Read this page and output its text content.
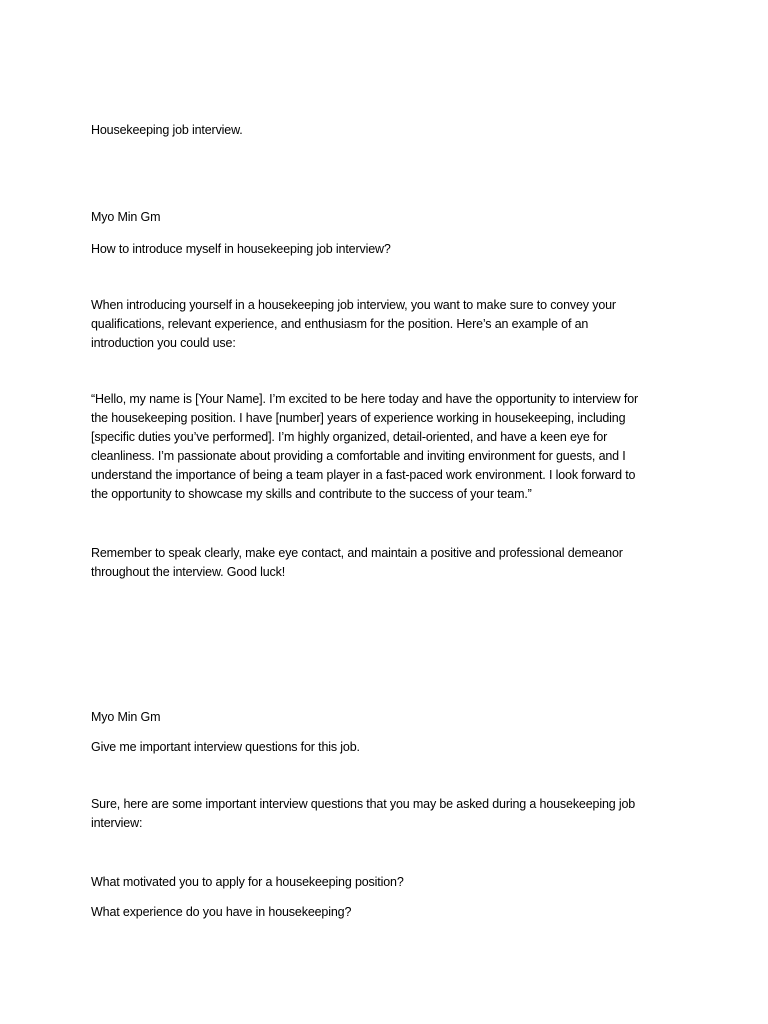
Housekeeping job interview.

Myo Min Gm

How to introduce myself in housekeeping job interview?

When introducing yourself in a housekeeping job interview, you want to make sure to convey your
qualifications, relevant experience, and enthusiasm for the position. Here’s an example of an
introduction you could use:
“Hello, my name is [Your Name]. I’m excited to be here today and have the opportunity to interview for
the housekeeping position. I have [number] years of experience working in housekeeping, including
[specific duties you’ve performed]. I’m highly organized, detail-oriented, and have a keen eye for
cleanliness. I’m passionate about providing a comfortable and inviting environment for guests, and I
understand the importance of being a team player in a fast-paced work environment. I look forward to
the opportunity to showcase my skills and contribute to the success of your team.”
Remember to speak clearly, make eye contact, and maintain a positive and professional demeanor
throughout the interview. Good luck!

Myo Min Gm

Give me important interview questions for this job.

Sure, here are some important interview questions that you may be asked during a housekeeping job
interview:

What motivated you to apply for a housekeeping position?

What experience do you have in housekeeping?
